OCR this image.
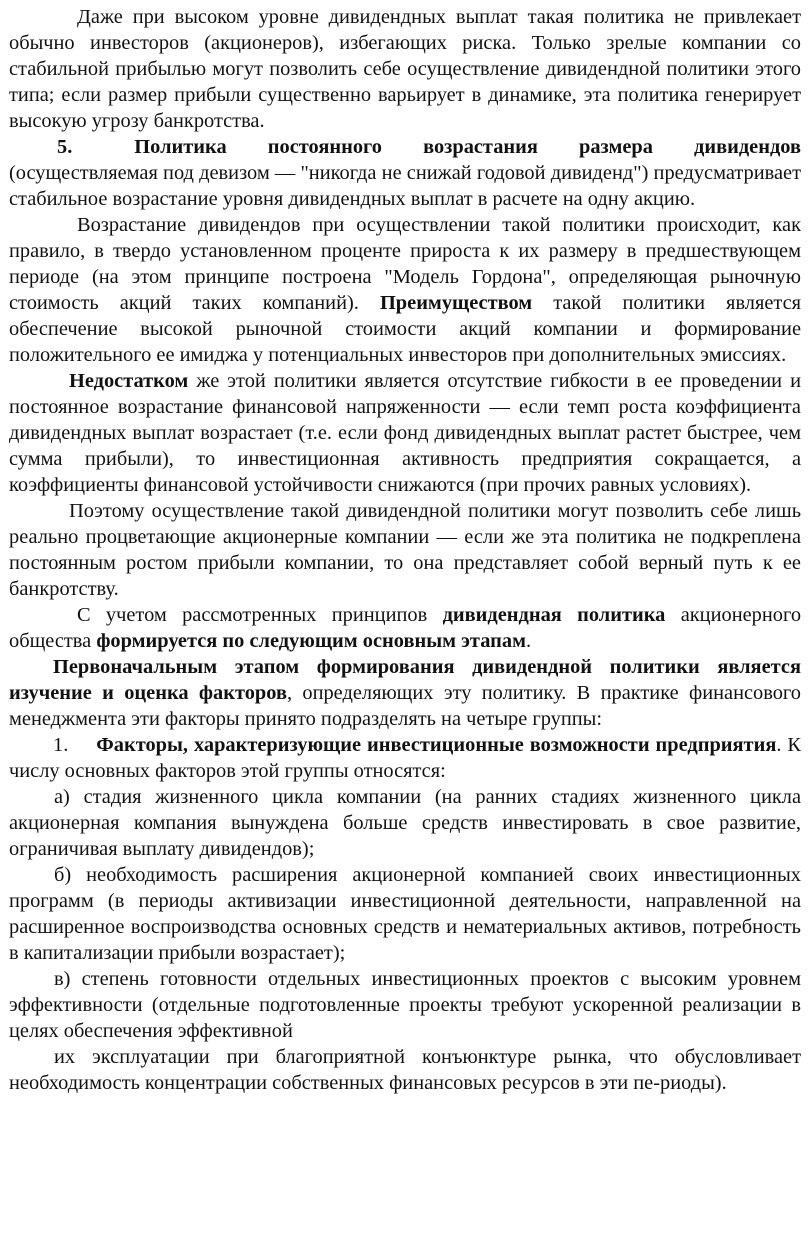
Даже при высоком уровне дивидендных выплат такая политика не привлекает обычно инвесторов (акционеров), избегающих риска. Только зрелые компании со стабильной прибылью могут позволить себе осуществление дивидендной политики этого типа; если размер прибыли существенно варьирует в динамике, эта политика генерирует высокую угрозу банкротства.

5.	Политика постоянного возрастания размера дивидендов (осуществляемая под девизом — "никогда не снижай годовой дивиденд") предусматривает стабильное возрастание уровня дивидендных выплат в расчете на одну акцию.

Возрастание дивидендов при осуществлении такой политики происходит, как правило, в твердо установленном проценте прироста к их размеру в предшествующем периоде (на этом принципе построена "Модель Гордона", определяющая рыночную стоимость акций таких компаний). Преимуществом такой политики является обеспечение высокой рыночной стоимости акций компании и формирование положительного ее имиджа у потенциальных инвесторов при дополнительных эмиссиях.

Недостатком же этой политики является отсутствие гибкости в ее проведении и постоянное возрастание финансовой напряженности — если темп роста коэффициента дивидендных выплат возрастает (т.е. если фонд дивидендных выплат растет быстрее, чем сумма прибыли), то инвестиционная активность предприятия сокращается, а коэффициенты финансовой устойчивости снижаются (при прочих равных условиях).

Поэтому осуществление такой дивидендной политики могут позволить себе лишь реально процветающие акционерные компании — если же эта политика не подкреплена постоянным ростом прибыли компании, то она представляет собой верный путь к ее банкротству.

С учетом рассмотренных принципов дивидендная политика акционерного общества формируется по следующим основным этапам.

Первоначальным этапом формирования дивидендной политики является изучение и оценка факторов, определяющих эту политику. В практике финансового менеджмента эти факторы принято подразделять на четыре группы:

1. Факторы, характеризующие инвестиционные возможности предприятия. К числу основных факторов этой группы относятся:

а) стадия жизненного цикла компании (на ранних стадиях жизненного цикла акционерная компания вынуждена больше средств инвестировать в свое развитие, ограничивая выплату дивидендов);

б) необходимость расширения акционерной компанией своих инвестиционных программ (в периоды активизации инвестиционной деятельности, направленной на расширенное воспроизводства основных средств и нематериальных активов, потребность в капитализации прибыли возрастает);

в) степень готовности отдельных инвестиционных проектов с высоким уровнем эффективности (отдельные подготовленные проекты требуют ускоренной реализации в целях обеспечения эффективной

их эксплуатации при благоприятной конъюнктуре рынка, что обусловливает необходимость концентрации собственных финансовых ресурсов в эти пе-риоды).
